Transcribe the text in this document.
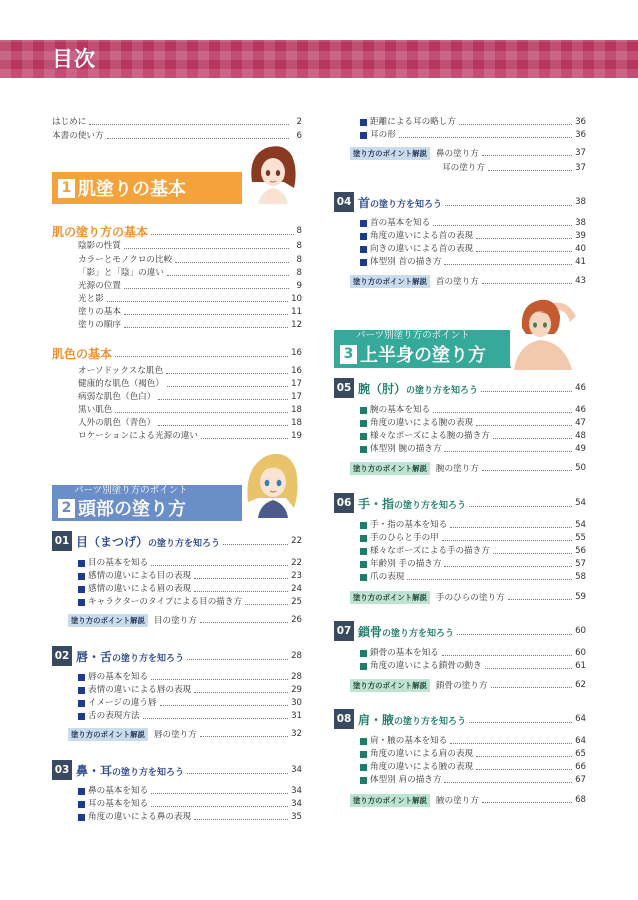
目次
はじめに	2
本書の使い方	6
1 肌塗りの基本
肌の塗り方の基本	8
陰影の性質	8
カラーとモノクロの比較	8
「影」と「陰」の違い	8
光源の位置	9
光と影	10
塗りの基本	11
塗りの順序	12
肌色の基本	16
オーソドックスな肌色	16
健康的な肌色（褐色）	17
病弱な肌色（色白）	17
黒い肌色	18
人外の肌色（青色）	18
ロケーションによる光源の違い	19
パーツ別塗り方のポイント
2 頭部の塗り方
01 目（まつげ）の塗り方を知ろう	22
目の基本を知る	22
感情の違いによる目の表現	23
感情の違いによる眉の表現	24
キャラクターのタイプによる目の描き方	25
塗り方のポイント解説	目の塗り方	26
02 唇・舌の塗り方を知ろう	28
唇の基本を知る	28
表情の違いによる唇の表現	29
イメージの違う唇	30
舌の表現方法	31
塗り方のポイント解説	唇の塗り方	32
03 鼻・耳の塗り方を知ろう	34
鼻の基本を知る	34
耳の基本を知る	34
角度の違いによる鼻の表現	35
距離による耳の略し方	36
耳の形	36
塗り方のポイント解説	鼻の塗り方	37
耳の塗り方	37
04 首の塗り方を知ろう	38
首の基本を知る	38
角度の違いによる首の表現	39
向きの違いによる首の表現	40
体型別 首の描き方	41
塗り方のポイント解説	首の塗り方	43
パーツ別塗り方のポイント
3 上半身の塗り方
05 腕（肘）の塗り方を知ろう	46
腕の基本を知る	46
角度の違いによる腕の表現	47
様々なポーズによる腕の描き方	48
体型別 腕の描き方	49
塗り方のポイント解説	腕の塗り方	50
06 手・指の塗り方を知ろう	54
手・指の基本を知る	54
手のひらと手の甲	55
様々なポーズによる手の描き方	56
年齢別 手の描き方	57
爪の表現	58
塗り方のポイント解説	手のひらの塗り方	59
07 鎖骨の塗り方を知ろう	60
鎖骨の基本を知る	60
角度の違いによる鎖骨の動き	61
塗り方のポイント解説	鎖骨の塗り方	62
08 肩・腋の塗り方を知ろう	64
肩・腋の基本を知る	64
角度の違いによる肩の表現	65
角度の違いによる腋の表現	66
体型別 肩の描き方	67
塗り方のポイント解説	腋の塗り方	68
